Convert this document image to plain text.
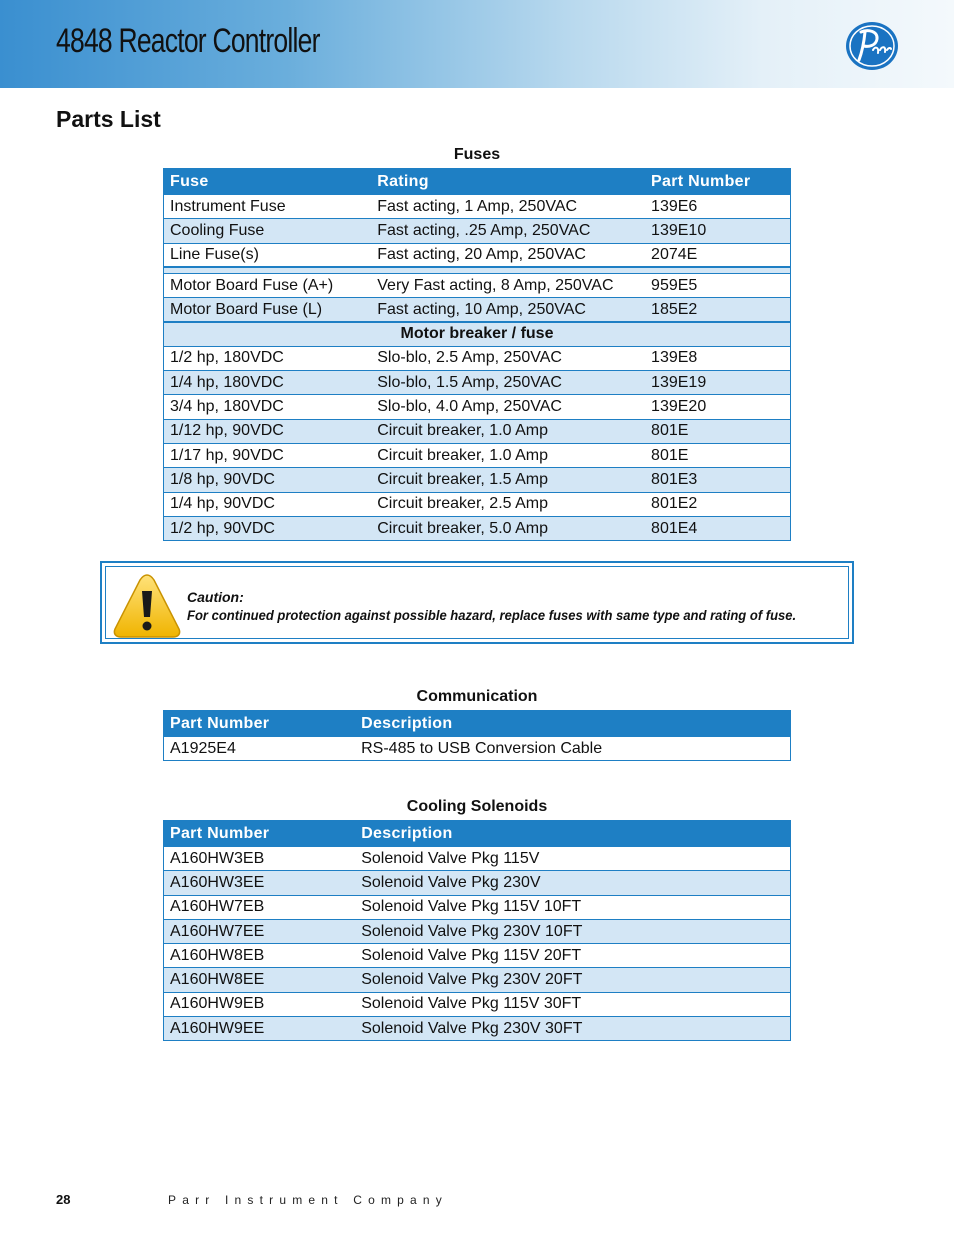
4848 Reactor Controller
Parts List
Fuses
Fuse	Rating	Part Number
Instrument Fuse	Fast acting, 1 Amp, 250VAC	139E6
Cooling Fuse	Fast acting, .25 Amp, 250VAC	139E10
Line Fuse(s)	Fast acting, 20 Amp, 250VAC	2074E

Motor Board Fuse (A+)	Very Fast acting, 8 Amp, 250VAC	959E5
Motor Board Fuse (L)	Fast acting, 10 Amp, 250VAC	185E2
Motor breaker / fuse		
1/2 hp, 180VDC	Slo-blo, 2.5 Amp, 250VAC	139E8
1/4 hp, 180VDC	Slo-blo, 1.5 Amp, 250VAC	139E19
3/4 hp, 180VDC	Slo-blo, 4.0 Amp, 250VAC	139E20
1/12 hp, 90VDC	Circuit breaker, 1.0 Amp	801E
1/17 hp, 90VDC	Circuit breaker, 1.0 Amp	801E
1/8 hp, 90VDC	Circuit breaker, 1.5 Amp	801E3
1/4 hp, 90VDC	Circuit breaker, 2.5 Amp	801E2
1/2 hp, 90VDC	Circuit breaker, 5.0 Amp	801E4
Caution:
For continued protection against possible hazard, replace fuses with same type and rating of fuse.
Communication
Part Number	Description
A1925E4	RS-485 to USB Conversion Cable
Cooling Solenoids
Part Number	Description
A160HW3EB	Solenoid Valve Pkg 115V
A160HW3EE	Solenoid Valve Pkg 230V
A160HW7EB	Solenoid Valve Pkg 115V 10FT
A160HW7EE	Solenoid Valve Pkg 230V 10FT
A160HW8EB	Solenoid Valve Pkg 115V 20FT
A160HW8EE	Solenoid Valve Pkg 230V 20FT
A160HW9EB	Solenoid Valve Pkg 115V 30FT
A160HW9EE	Solenoid Valve Pkg 230V 30FT
28	Parr Instrument Company
